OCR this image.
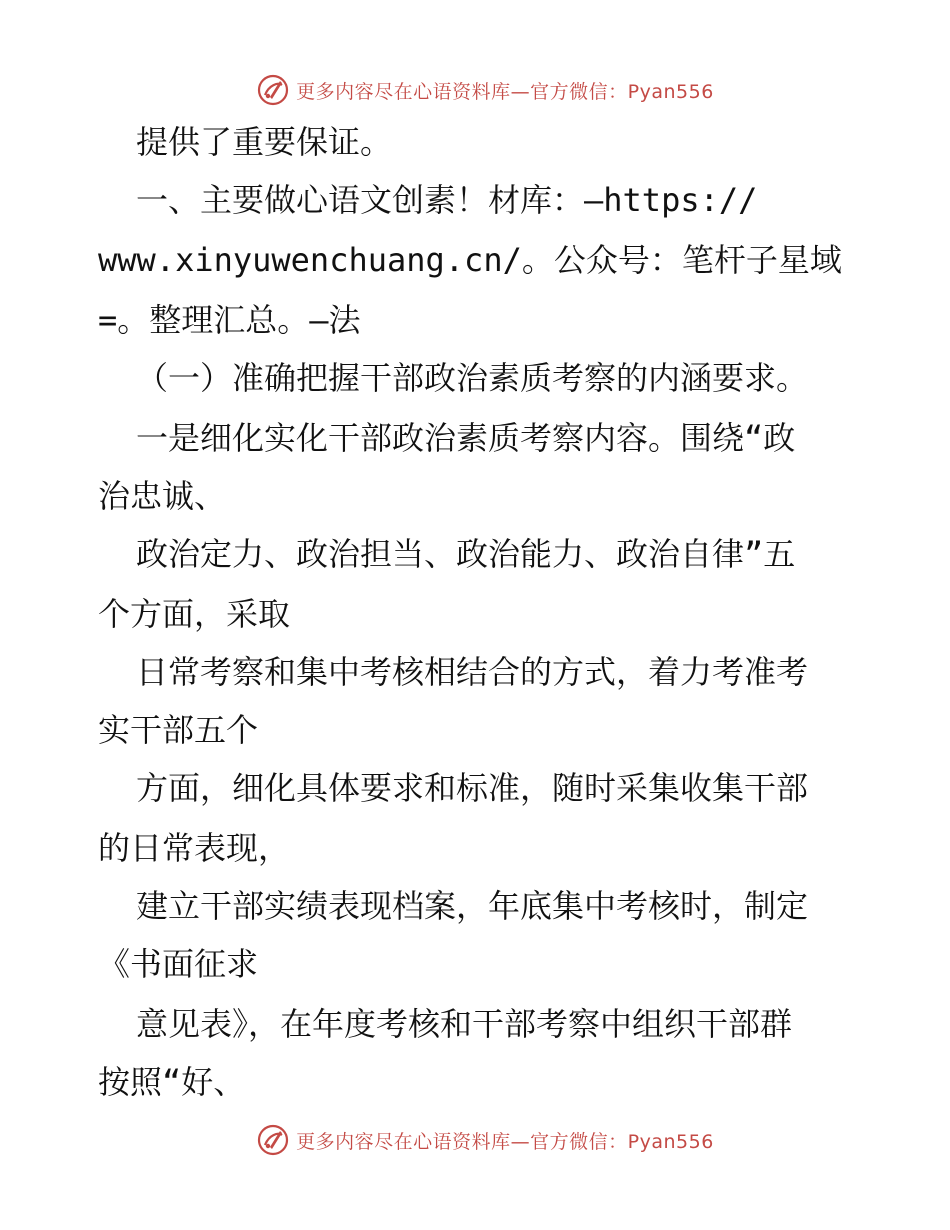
更多内容尽在心语资料库—官方微信：Pyan556
提供了重要保证。
一、主要做心语文创素！材库：—https://
www.xinyuwenchuang.cn/。公众号：笔杆子星域
=。整理汇总。—法
（一）准确把握干部政治素质考察的内涵要求。
一是细化实化干部政治素质考察内容。围绕“政
治忠诚、
政治定力、政治担当、政治能力、政治自律”五
个方面，采取
日常考察和集中考核相结合的方式，着力考准考
实干部五个
方面，细化具体要求和标准，随时采集收集干部
的日常表现，
建立干部实绩表现档案，年底集中考核时，制定
《书面征求
意见表》，在年度考核和干部考察中组织干部群
按照“好、
更多内容尽在心语资料库—官方微信：Pyan556
